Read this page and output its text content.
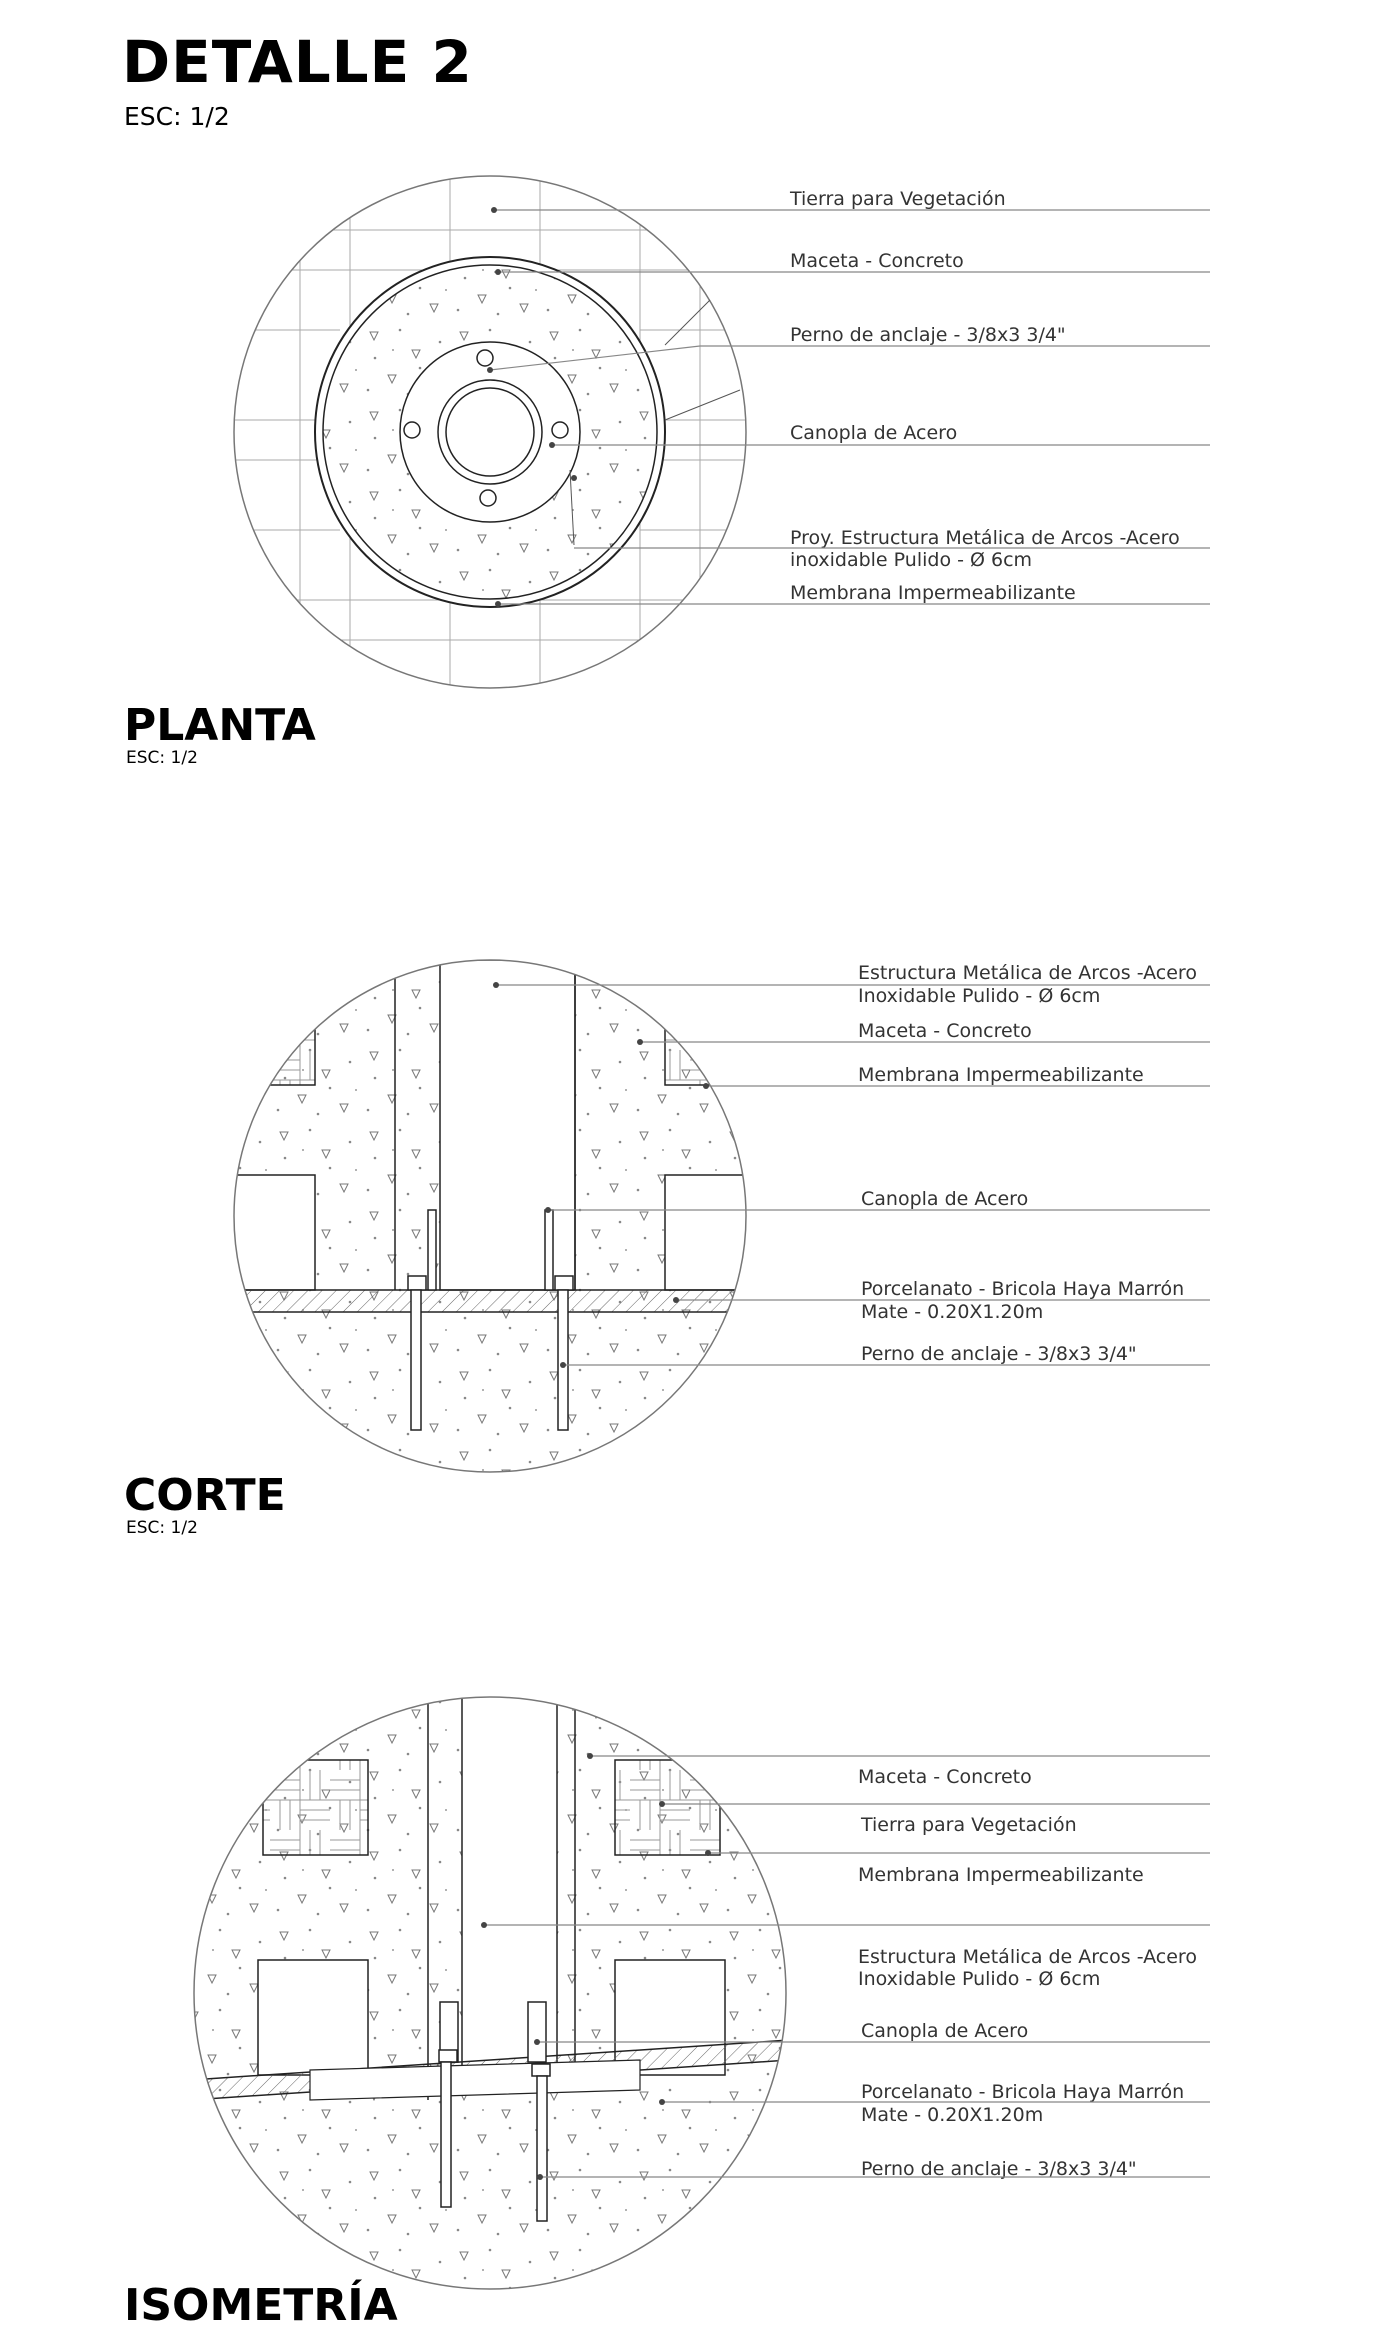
DETALLE 2
ESC: 1/2
PLANTA
ESC: 1/2
CORTE
ESC: 1/2
ISOMETRÍA
Tierra para Vegetación
Maceta - Concreto
Perno de anclaje - 3/8x3 3/4"
Canopla de Acero
Proy. Estructura Metálica de Arcos -Acero
inoxidable Pulido - Ø 6cm
Membrana Impermeabilizante
Estructura Metálica de Arcos -Acero
Inoxidable Pulido - Ø 6cm
Maceta - Concreto
Membrana Impermeabilizante
Canopla de Acero
Porcelanato - Bricola Haya Marrón
Mate - 0.20X1.20m
Perno de anclaje - 3/8x3 3/4"
Maceta - Concreto
Tierra para Vegetación
Membrana Impermeabilizante
Estructura Metálica de Arcos -Acero
Inoxidable Pulido - Ø 6cm
Canopla de Acero
Porcelanato - Bricola Haya Marrón
Mate - 0.20X1.20m
Perno de anclaje - 3/8x3 3/4"
